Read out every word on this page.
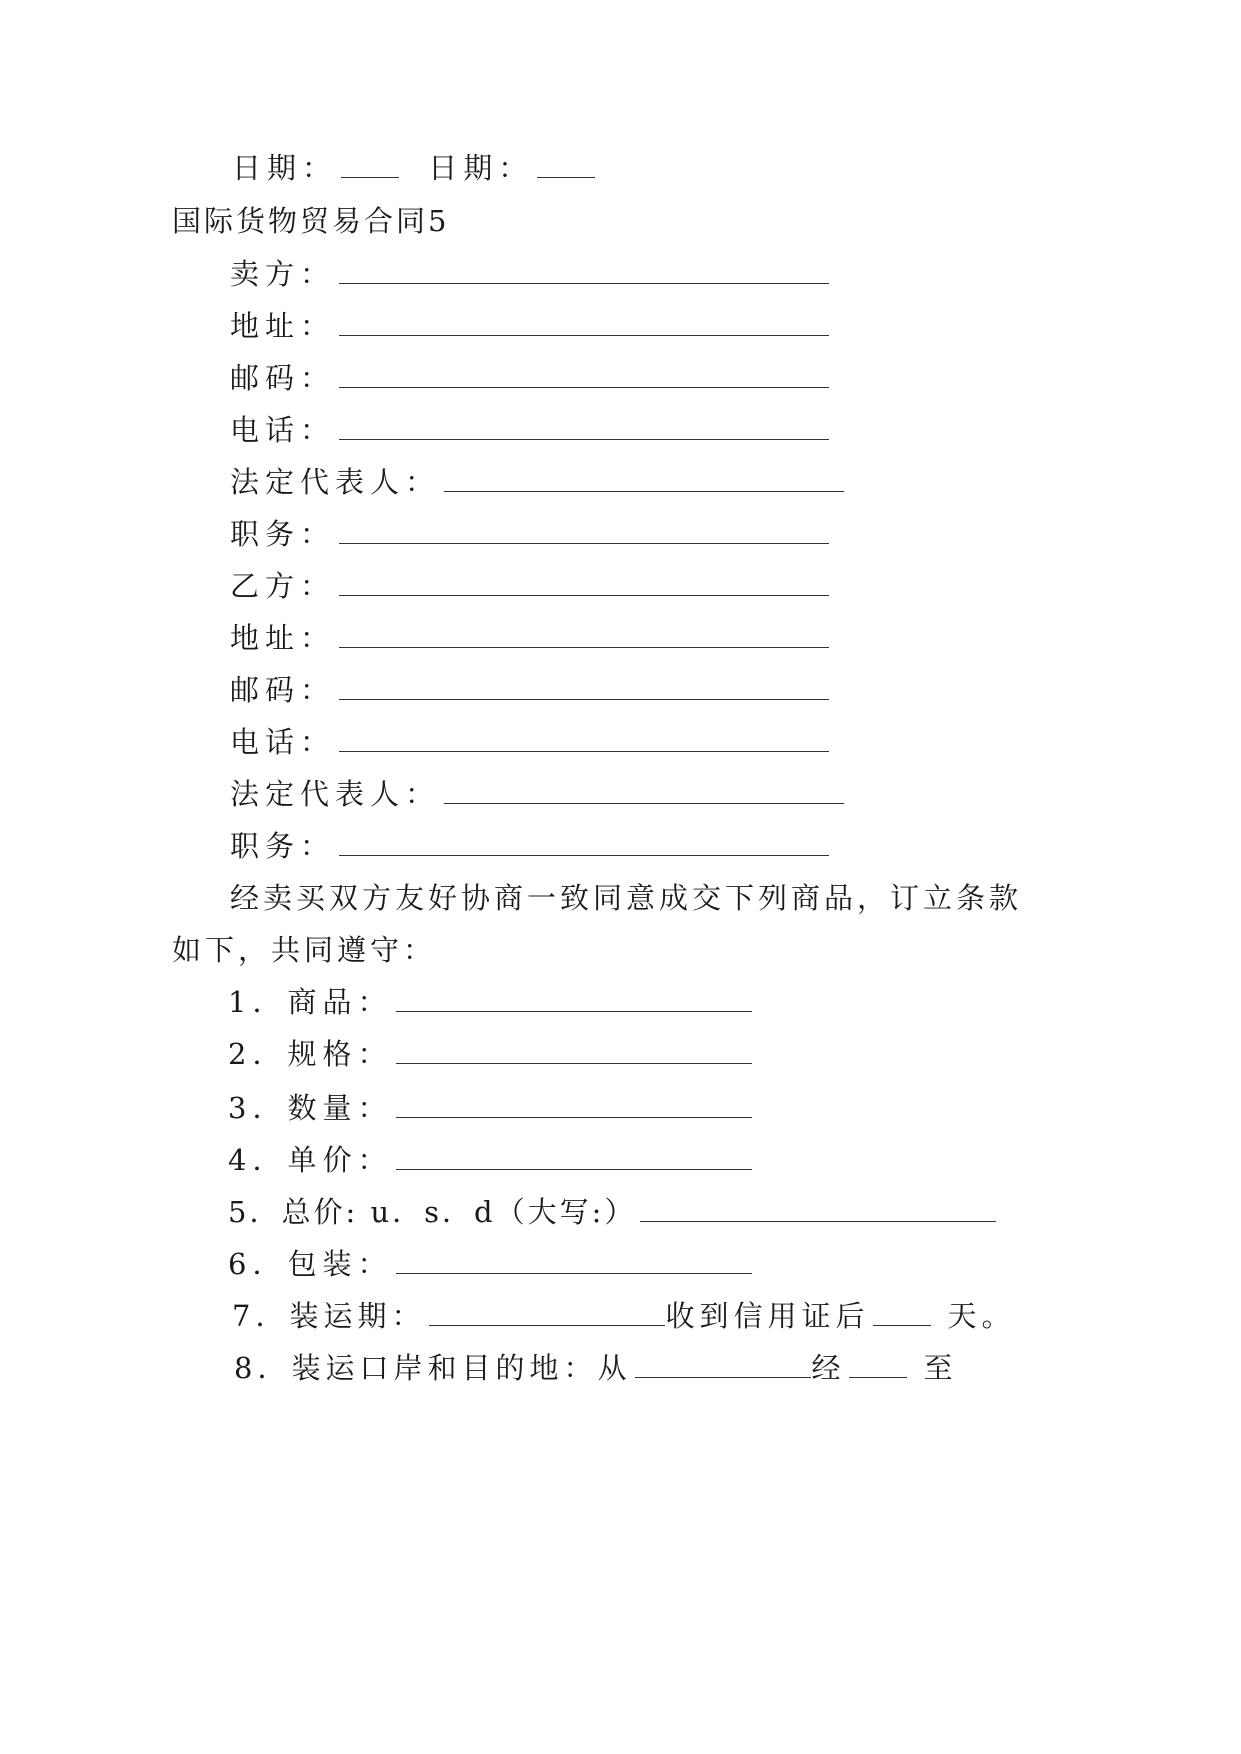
日期：	日期：
国际货物贸易合同5
卖方：
地址：
邮码：
电话：
法定代表人：
职务：
乙方：
地址：
邮码：
电话：
法定代表人：
职务：
经卖买双方友好协商一致同意成交下列商品，订立条款
如下，共同遵守：
1．商品：
2．规格：
3．数量：
4．单价：
5．总价: u．s．d（大写:）
6．包装：
7．装运期：	收到信用证后	天。
8．装运口岸和目的地：从	经	至
